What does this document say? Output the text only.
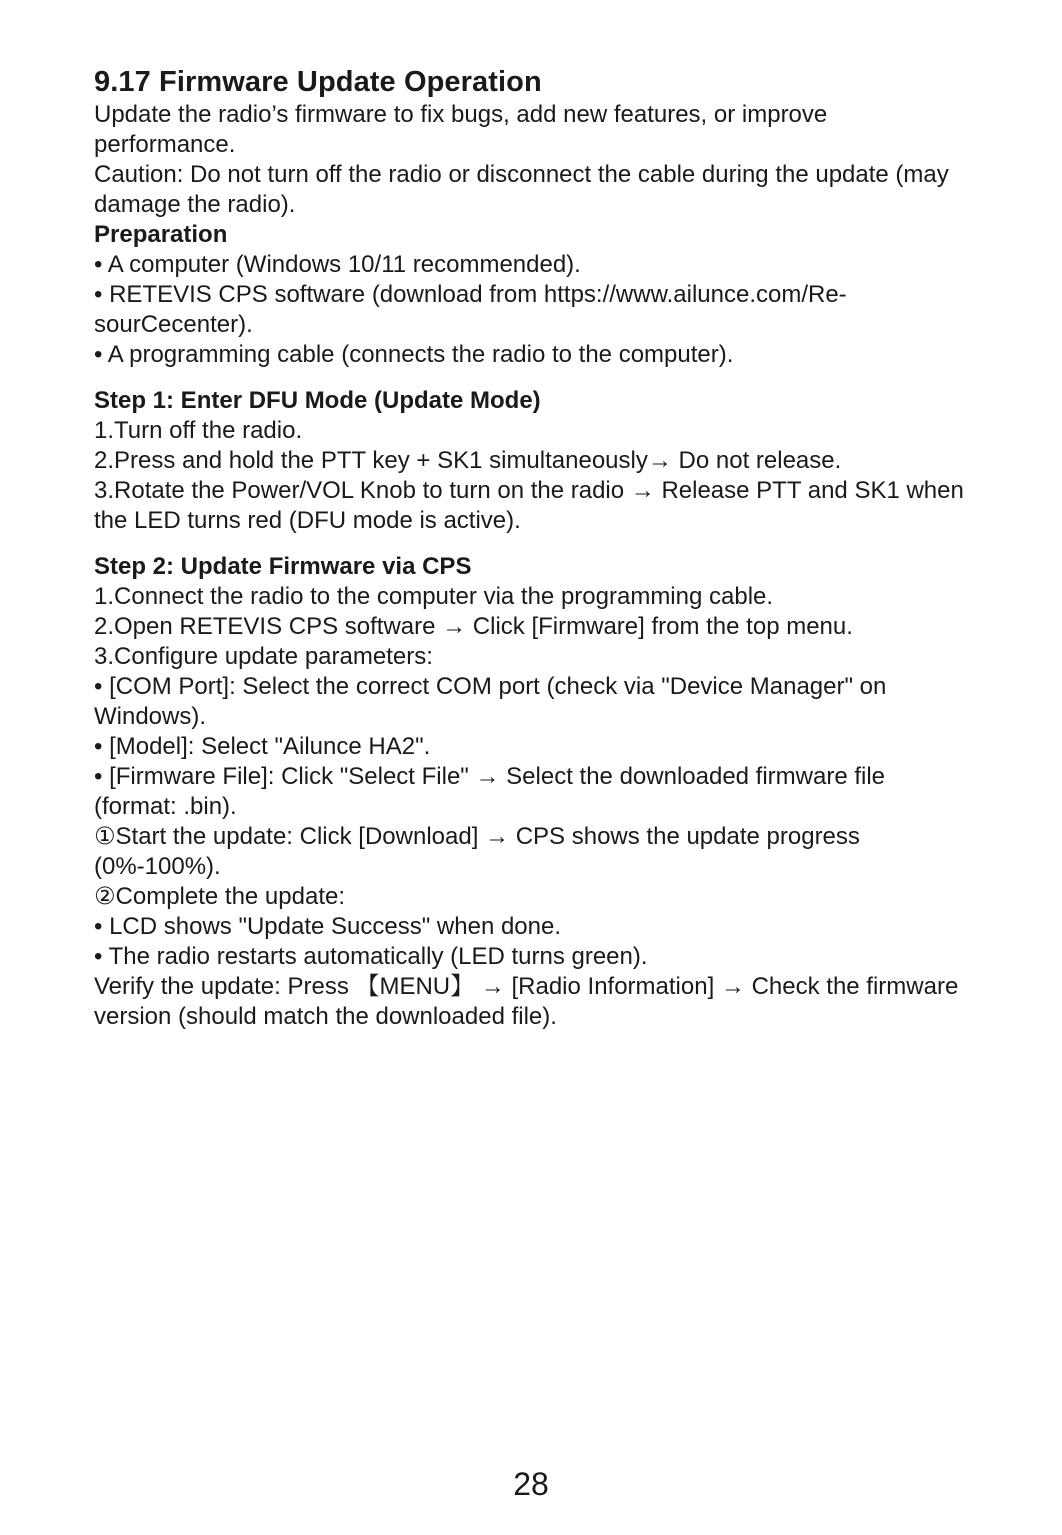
9.17 Firmware Update Operation

Update the radio’s firmware to fix bugs, add new features, or improve performance.

Caution: Do not turn off the radio or disconnect the cable during the update (may damage the radio).

Preparation

• A computer (Windows 10/11 recommended).

• RETEVIS CPS software (download from https://www.ailunce.com/Re-sourCecenter).

• A programming cable (connects the radio to the computer).

Step 1: Enter DFU Mode (Update Mode)

1.Turn off the radio.

2.Press and hold the PTT key + SK1 simultaneously→ Do not release.

3.Rotate the Power/VOL Knob to turn on the radio → Release PTT and SK1 when the LED turns red (DFU mode is active).

Step 2: Update Firmware via CPS

1.Connect the radio to the computer via the programming cable.

2.Open RETEVIS CPS software → Click [Firmware] from the top menu.

3.Configure update parameters:

• [COM Port]: Select the correct COM port (check via "Device Manager" on Windows).

• [Model]: Select "Ailunce HA2".

• [Firmware File]: Click "Select File" → Select the downloaded firmware file (format: .bin).

①Start the update: Click [Download] → CPS shows the update progress (0%-100%).

②Complete the update:

• LCD shows "Update Success" when done.

• The radio restarts automatically (LED turns green).

Verify the update: Press 【MENU】 → [Radio Information] → Check the firmware version (should match the downloaded file).

28
